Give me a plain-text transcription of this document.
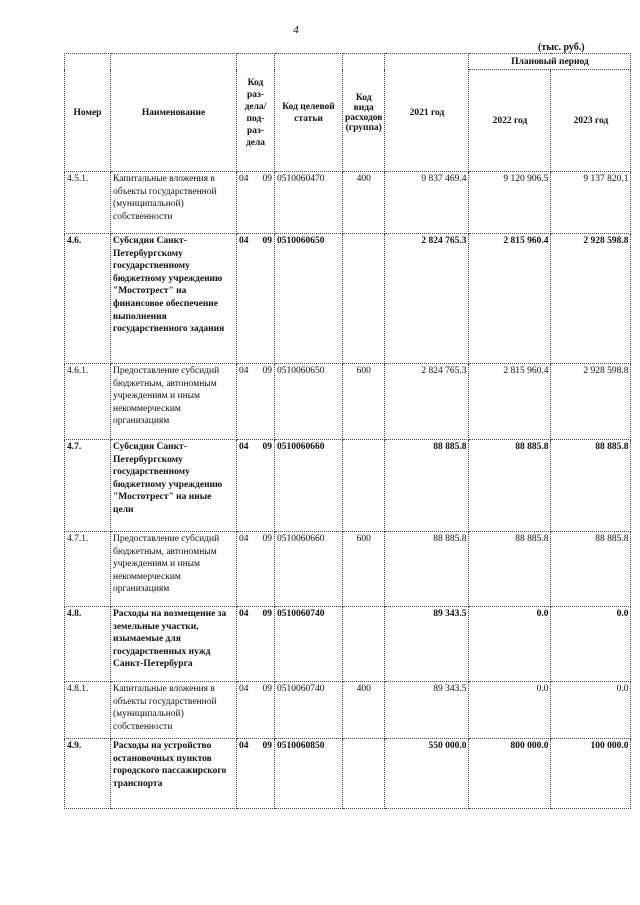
4
(тыс. руб.)
Номер	Наименование	Код раз-дела/ под-раз-дела	Код целевой статьи	Код вида расходов (группа)	2021 год	Плановый период	
						2022 год	2023 год
4.5.1.	Капитальные вложения в объекты государственной (муниципальной) собственности	04 09	0510060470	400	9 837 469.4	9 120 906.5	9 137 820.1
4.6.	Субсидия Санкт-Петербургскому государственному бюджетному учреждению "Мостотрест" на финансовое обеспечение выполнения государственного задания	04 09	0510060650		2 824 765.3	2 815 960.4	2 928 598.8
4.6.1.	Предоставление субсидий бюджетным, автономным учреждениям и иным некоммерческим организациям	04 09	0510060650	600	2 824 765.3	2 815 960.4	2 928 598.8
4.7.	Субсидия Санкт-Петербургскому государственному бюджетному учреждению "Мостотрест" на иные цели	04 09	0510060660		88 885.8	88 885.8	88 885.8
4.7.1.	Предоставление субсидий бюджетным, автономным учреждениям и иным некоммерческим организациям	04 09	0510060660	600	88 885.8	88 885.8	88 885.8
4.8.	Расходы на возмещение за земельные участки, изымаемые для государственных нужд Санкт-Петербурга	04 09	0510060740		89 343.5	0.0	0.0
4.8.1.	Капитальные вложения в объекты государственной (муниципальной) собственности	04 09	0510060740	400	89 343.5	0.0	0.0
4.9.	Расходы на устройство остановочных пунктов городского пассажирского транспорта	04 09	0510060850		550 000.0	800 000.0	100 000.0
